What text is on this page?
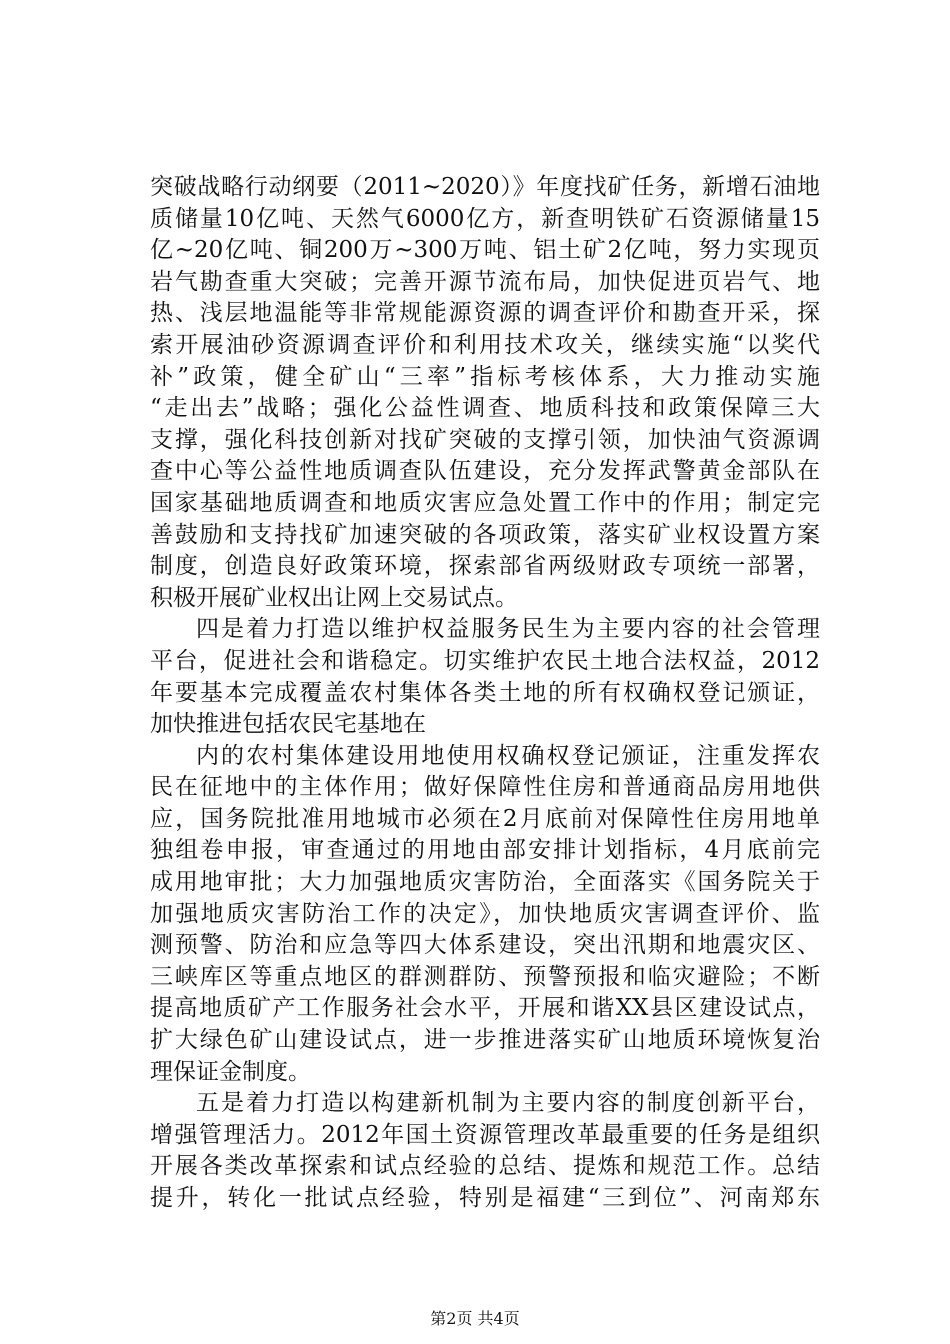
突破战略行动纲要（2011~2020）》年度找矿任务，新增石油地
质储量10亿吨、天然气6000亿方，新查明铁矿石资源储量15
亿~20亿吨、铜200万~300万吨、铝土矿2亿吨，努力实现页
岩气勘查重大突破；完善开源节流布局，加快促进页岩气、地
热、浅层地温能等非常规能源资源的调查评价和勘查开采，探
索开展油砂资源调查评价和利用技术攻关，继续实施“以奖代
补”政策，健全矿山“三率”指标考核体系，大力推动实施
“走出去”战略；强化公益性调查、地质科技和政策保障三大
支撑，强化科技创新对找矿突破的支撑引领，加快油气资源调
查中心等公益性地质调查队伍建设，充分发挥武警黄金部队在
国家基础地质调查和地质灾害应急处置工作中的作用；制定完
善鼓励和支持找矿加速突破的各项政策，落实矿业权设置方案
制度，创造良好政策环境，探索部省两级财政专项统一部署，
积极开展矿业权出让网上交易试点。
四是着力打造以维护权益服务民生为主要内容的社会管理
平台，促进社会和谐稳定。切实维护农民土地合法权益，2012
年要基本完成覆盖农村集体各类土地的所有权确权登记颁证，
加快推进包括农民宅基地在
内的农村集体建设用地使用权确权登记颁证，注重发挥农
民在征地中的主体作用；做好保障性住房和普通商品房用地供
应，国务院批准用地城市必须在2月底前对保障性住房用地单
独组卷申报，审查通过的用地由部安排计划指标，4月底前完
成用地审批；大力加强地质灾害防治，全面落实《国务院关于
加强地质灾害防治工作的决定》，加快地质灾害调查评价、监
测预警、防治和应急等四大体系建设，突出汛期和地震灾区、
三峡库区等重点地区的群测群防、预警预报和临灾避险；不断
提高地质矿产工作服务社会水平，开展和谐XX县区建设试点，
扩大绿色矿山建设试点，进一步推进落实矿山地质环境恢复治
理保证金制度。
五是着力打造以构建新机制为主要内容的制度创新平台，
增强管理活力。2012年国土资源管理改革最重要的任务是组织
开展各类改革探索和试点经验的总结、提炼和规范工作。总结
提升，转化一批试点经验，特别是福建“三到位”、河南郑东
第2页 共4页
